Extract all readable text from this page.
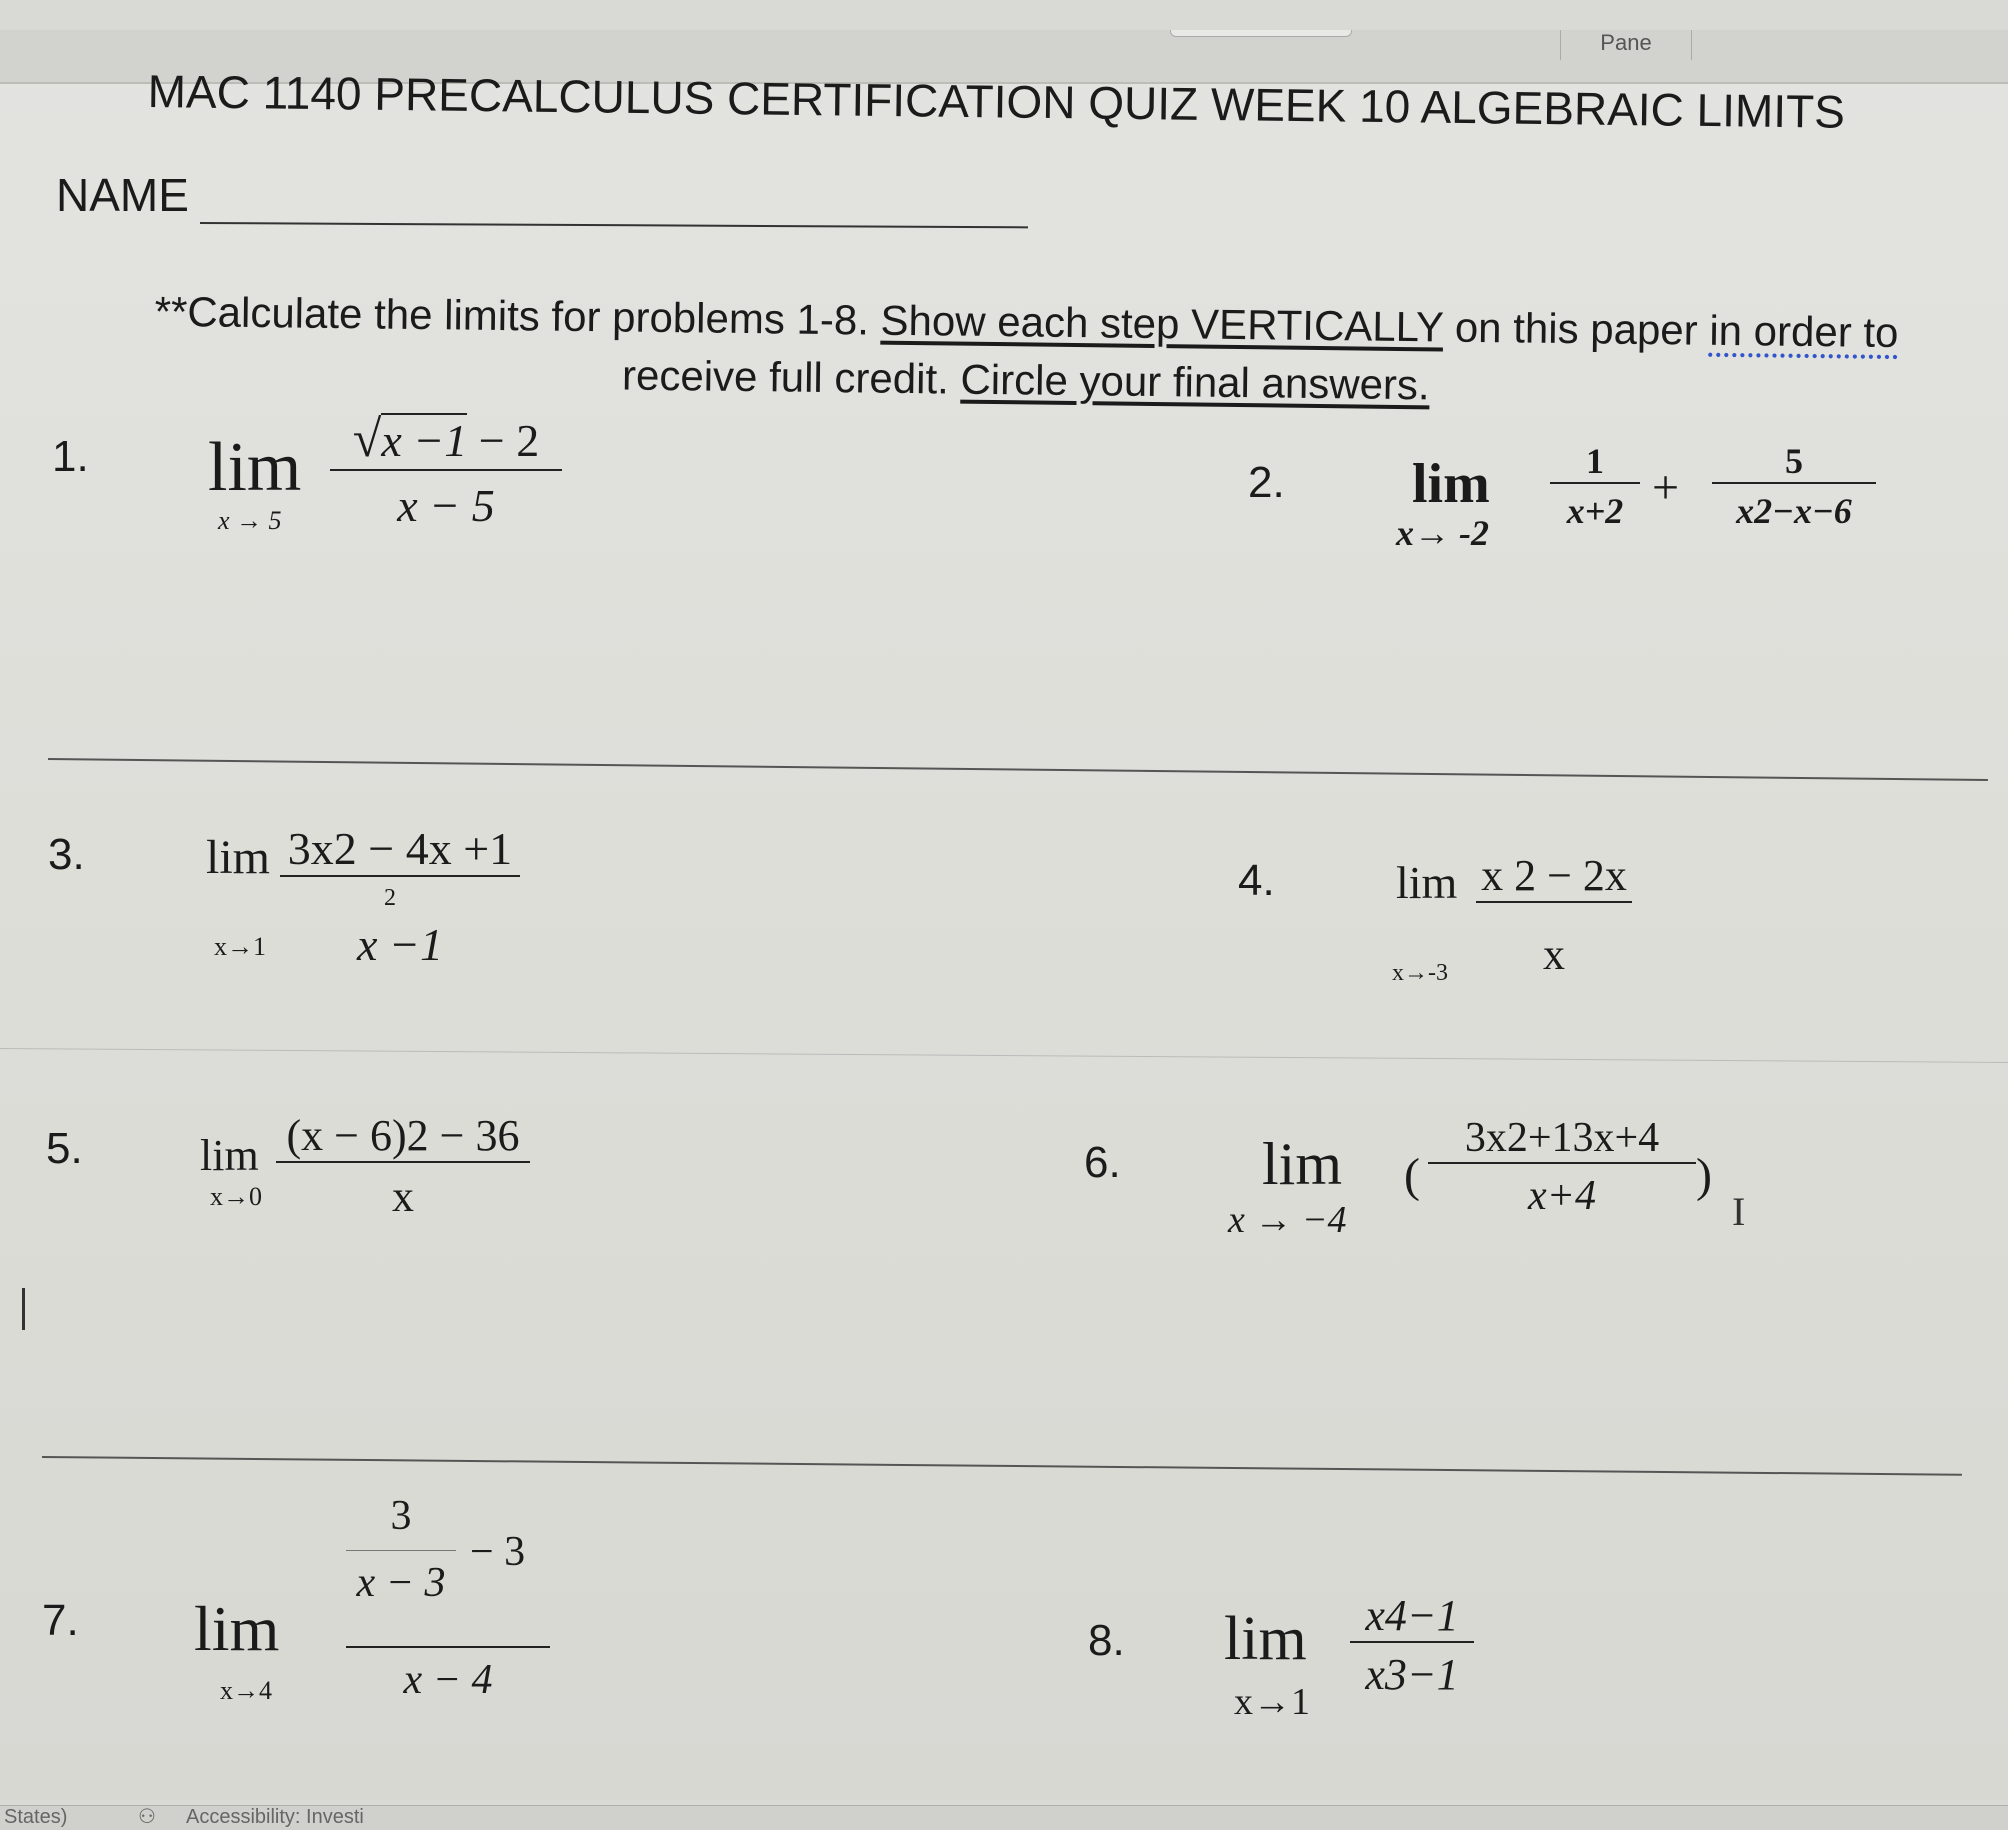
Pane
MAC 1140 PRECALCULUS CERTIFICATION QUIZ WEEK 10 ALGEBRAIC LIMITS
NAME
**Calculate the limits for problems 1-8. Show each step VERTICALLY on this paper in order to
receive full credit. Circle your final answers.
1. lim
x → 5
√x −1 − 2
x − 5	2. lim
x→ -2
1
x+2 +	5
x2−x−6
3.	lim
x→1
3x2 − 4x +1
2
x −1
4.	lim
x→-3
x 2 − 2x
x
5.	lim
x→0
(x − 6)2 − 36
x
6. lim
x → −4
(
3x2+13x+4
x+4	)
I
7. lim
x→4
3
x − 3
− 3
x − 4
8. lim
x→1
x4−1
x3−1
States)	⚇ Accessibility: Investi
